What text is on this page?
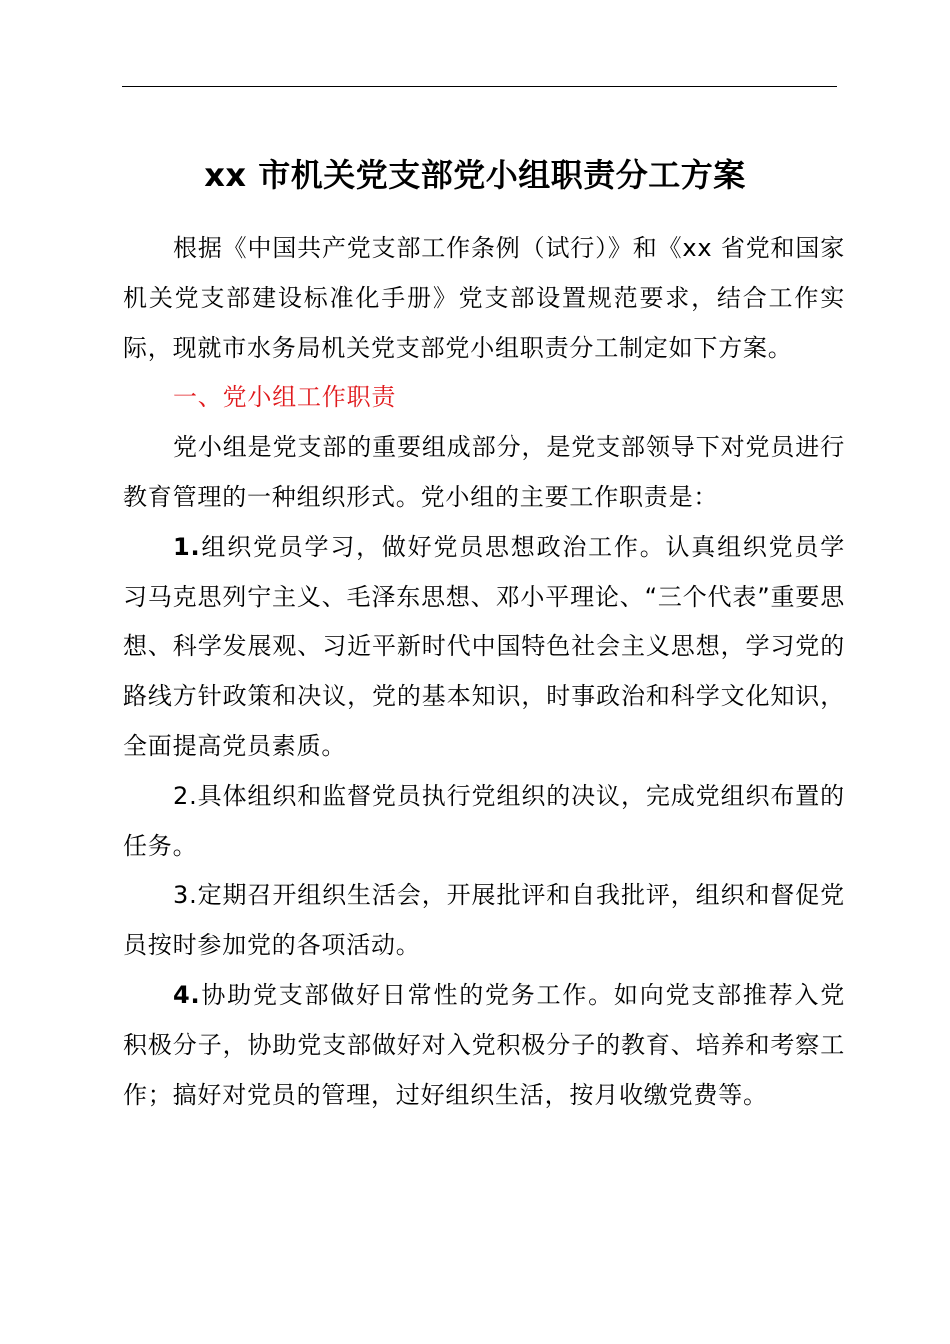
xx 市机关党支部党小组职责分工方案

根据《中国共产党支部工作条例（试行）》和《xx 省党和国家机关党支部建设标准化手册》党支部设置规范要求，结合工作实际，现就市水务局机关党支部党小组职责分工制定如下方案。

一、党小组工作职责

党小组是党支部的重要组成部分，是党支部领导下对党员进行教育管理的一种组织形式。党小组的主要工作职责是：

1.组织党员学习，做好党员思想政治工作。认真组织党员学习马克思列宁主义、毛泽东思想、邓小平理论、“三个代表”重要思想、科学发展观、习近平新时代中国特色社会主义思想，学习党的路线方针政策和决议，党的基本知识，时事政治和科学文化知识，全面提高党员素质。

2.具体组织和监督党员执行党组织的决议，完成党组织布置的任务。

3.定期召开组织生活会，开展批评和自我批评，组织和督促党员按时参加党的各项活动。

4.协助党支部做好日常性的党务工作。如向党支部推荐入党积极分子，协助党支部做好对入党积极分子的教育、培养和考察工作；搞好对党员的管理，过好组织生活，按月收缴党费等。
